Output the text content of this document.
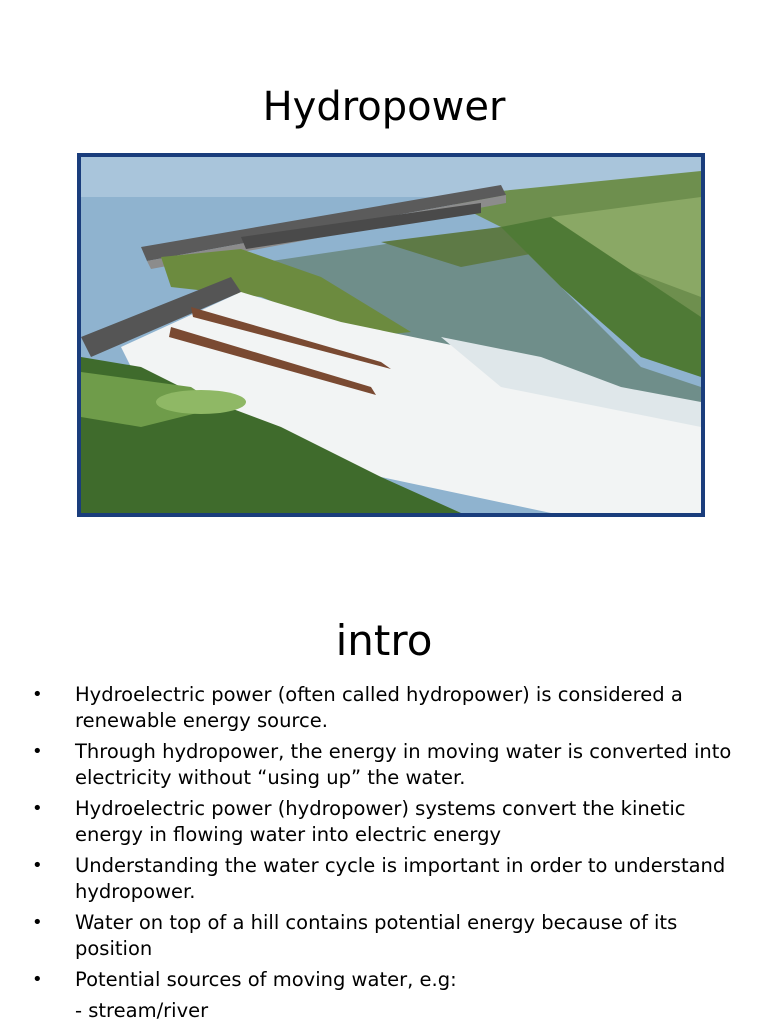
Hydropower
intro
• Hydroelectric power (often called hydropower) is considered a renewable energy source.
• Through hydropower, the energy in moving water is converted into electricity without “using up” the water.
• Hydroelectric power (hydropower) systems convert the kinetic energy in flowing water into electric energy
• Understanding the water cycle is important in order to understand hydropower.
• Water on top of a hill contains potential energy because of its position
• Potential sources of moving water, e.g:
- stream/river
